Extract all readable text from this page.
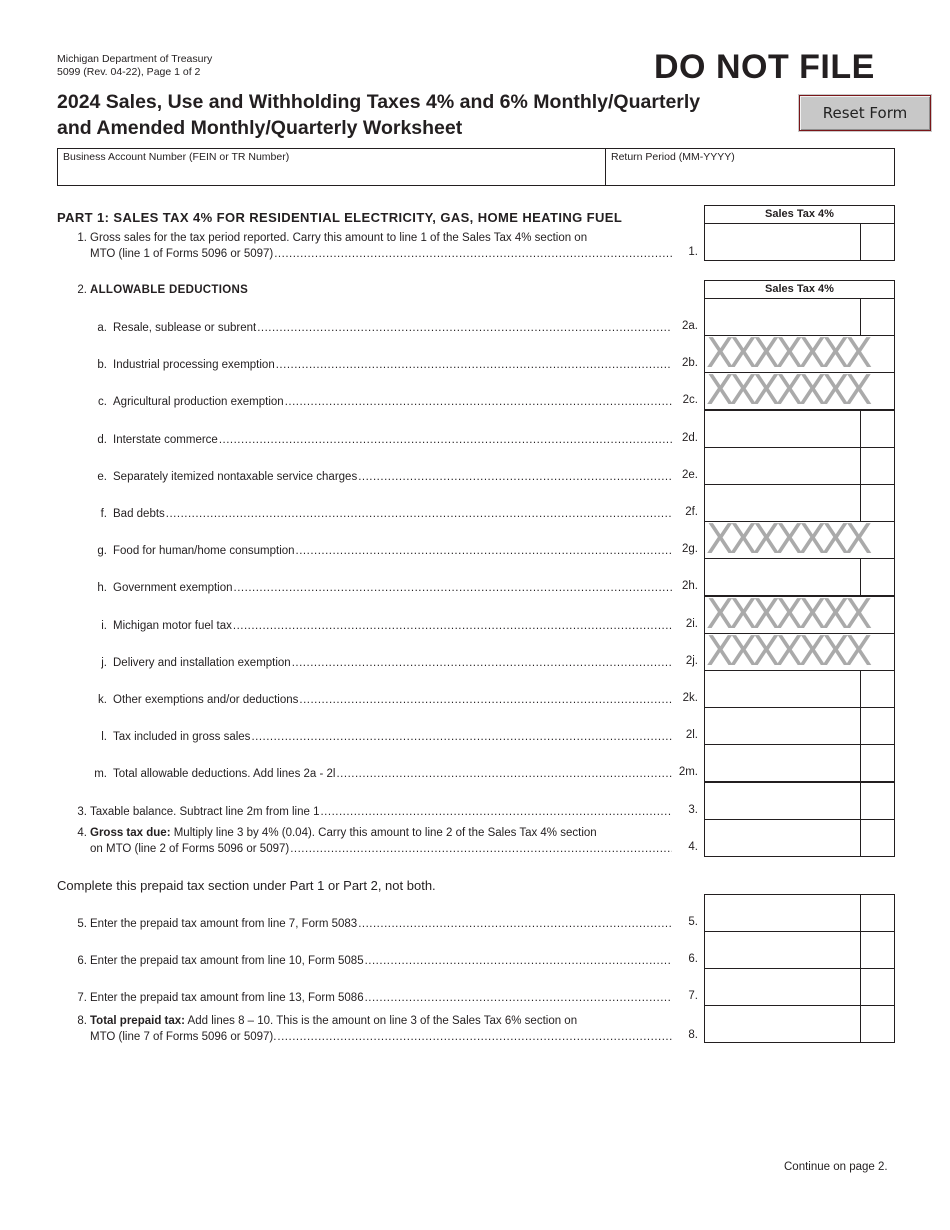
Michigan Department of Treasury
5099 (Rev. 04-22), Page 1 of 2	DO NOT FILE
2024 Sales, Use and Withholding Taxes 4% and 6% Monthly/Quarterly
and Amended Monthly/Quarterly Worksheet
Reset Form
Business Account Number (FEIN or TR Number)	Return Period (MM-YYYY)
PART 1: SALES TAX 4% FOR RESIDENTIAL ELECTRICITY, GAS, HOME HEATING FUEL	Sales Tax 4%
1. Gross sales for the tax period reported. Carry this amount to line 1 of the Sales Tax 4% section on
MTO (line 1 of Forms 5096 or 5097) .....	1.
2. ALLOWABLE DEDUCTIONS	Sales Tax 4%
a. Resale, sublease or subrent .....	2a.
b. Industrial processing exemption .....	2b. XXXXXXX
c. Agricultural production exemption .....	2c. XXXXXXX
d. Interstate commerce .....	2d.
e. Separately itemized nontaxable service charges .....	2e.
f. Bad debts .....	2f.
g. Food for human/home consumption .....	2g. XXXXXXX
h. Government exemption .....	2h.
i. Michigan motor fuel tax .....	2i. XXXXXXX
j. Delivery and installation exemption .....	2j. XXXXXXX
k. Other exemptions and/or deductions .....	2k.
l. Tax included in gross sales .....	2l.
m. Total allowable deductions. Add lines 2a - 2l .....	2m.
3. Taxable balance. Subtract line 2m from line 1 .....	3.
4. Gross tax due: Multiply line 3 by 4% (0.04). Carry this amount to line 2 of the Sales Tax 4% section
on MTO (line 2 of Forms 5096 or 5097) .....	4.
Complete this prepaid tax section under Part 1 or Part 2, not both.
5. Enter the prepaid tax amount from line 7, Form 5083 .....	5.
6. Enter the prepaid tax amount from line 10, Form 5085 .....	6.
7. Enter the prepaid tax amount from line 13, Form 5086 .....	7.
8. Total prepaid tax: Add lines 8 – 10. This is the amount on line 3 of the Sales Tax 6% section on
MTO (line 7 of Forms 5096 or 5097). .....	8.
Continue on page 2.
